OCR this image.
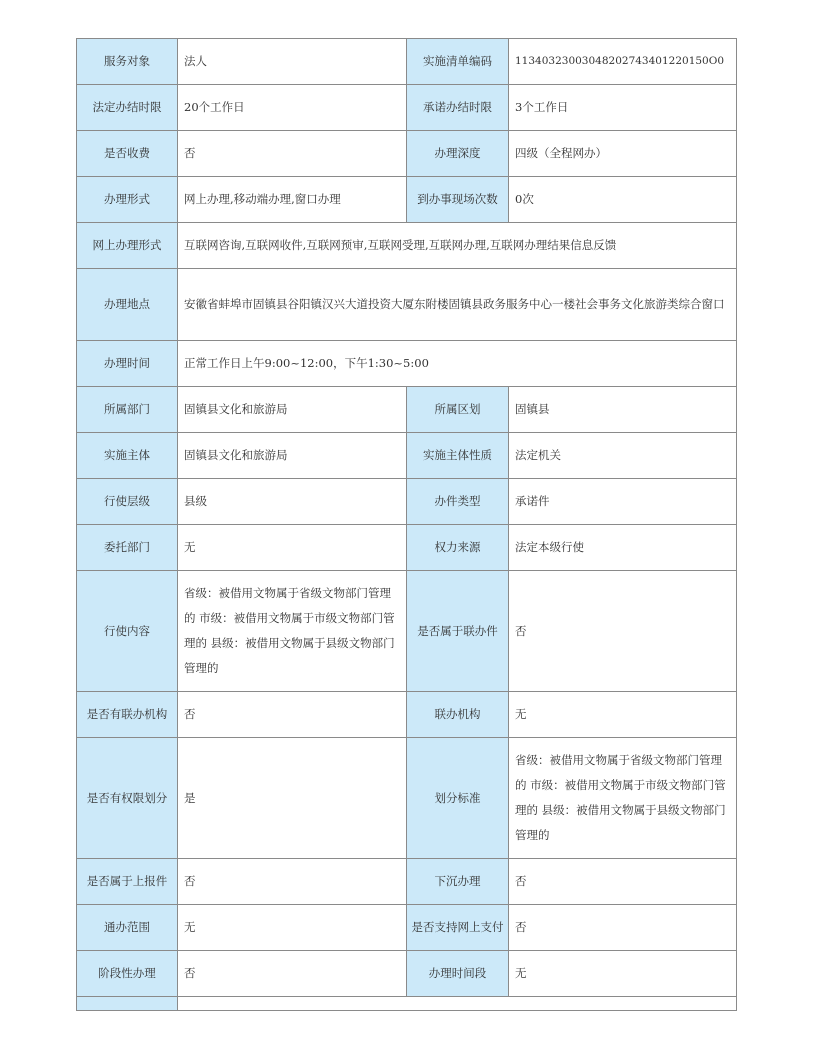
服务对象	法人	实施清单编码	11340323003048202743401220150O0
法定办结时限	20个工作日	承诺办结时限	3个工作日
是否收费	否	办理深度	四级（全程网办）
办理形式	网上办理,移动端办理,窗口办理	到办事现场次数	0次
网上办理形式	互联网咨询,互联网收件,互联网预审,互联网受理,互联网办理,互联网办理结果信息反馈		
办理地点	安徽省蚌埠市固镇县谷阳镇汉兴大道投资大厦东附楼固镇县政务服务中心一楼社会事务文化旅游类综合窗口		
办理时间	正常工作日上午9:00~12:00，下午1:30~5:00		
所属部门	固镇县文化和旅游局	所属区划	固镇县
实施主体	固镇县文化和旅游局	实施主体性质	法定机关
行使层级	县级	办件类型	承诺件
委托部门	无	权力来源	法定本级行使
行使内容	省级：被借用文物属于省级文物部门管理的 市级：被借用文物属于市级文物部门管理的 县级：被借用文物属于县级文物部门管理的	是否属于联办件	否
是否有联办机构	否	联办机构	无
是否有权限划分	是	划分标准	省级：被借用文物属于省级文物部门管理的 市级：被借用文物属于市级文物部门管理的 县级：被借用文物属于县级文物部门管理的
是否属于上报件	否	下沉办理	否
通办范围	无	是否支持网上支付	否
阶段性办理	否	办理时间段	无
